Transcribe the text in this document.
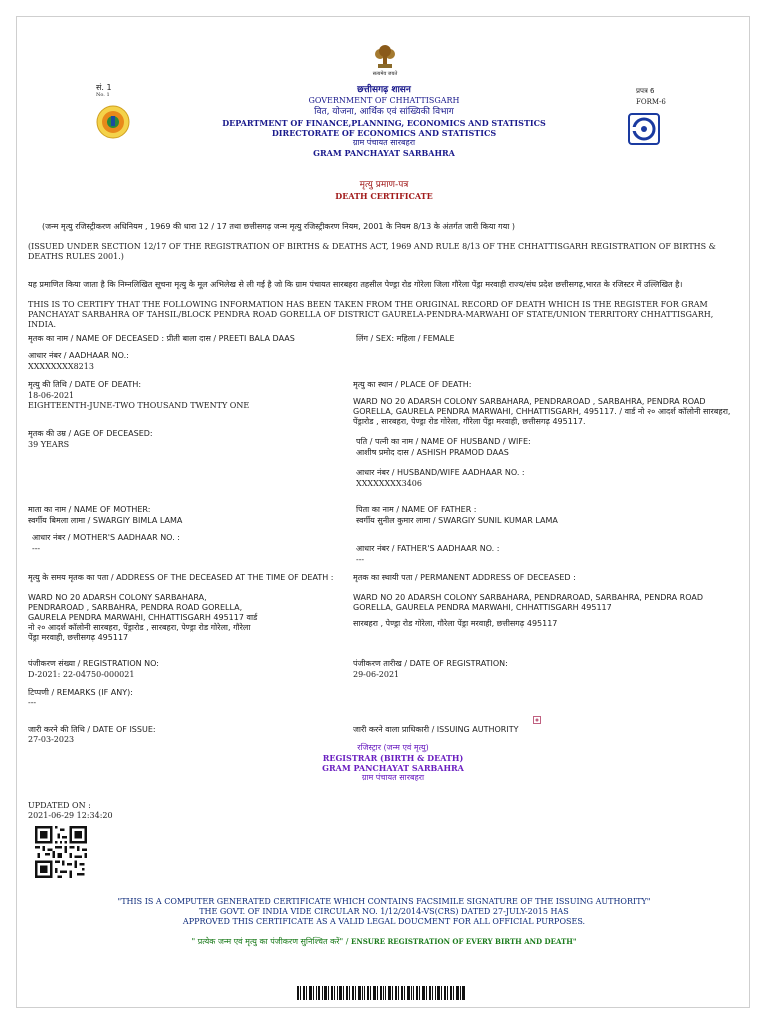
सत्यमेव जयते
सं. 1
No. 1	छत्तीसगढ़ शासन
GOVERNMENT OF CHHATTISGARH
वित, योजना, आर्थिक एवं सांख्यिकी विभाग
DEPARTMENT OF FINANCE,PLANNING, ECONOMICS AND STATISTICS
DIRECTORATE OF ECONOMICS AND STATISTICS
ग्राम पंचायत सारबहरा
GRAM PANCHAYAT SARBAHRA
प्रपत्र 6
FORM-6
मृत्यु प्रमाण-पत्र
DEATH CERTIFICATE
(जन्म मृत्यु रजिस्ट्रीकरण अधिनियम , 1969 की धारा 12 / 17 तथा छत्तीसगढ़ जन्म मृत्यु रजिस्ट्रीकरण नियम, 2001 के नियम 8/13 के अंतर्गत जारी किया गया )
(ISSUED UNDER SECTION 12/17 OF THE REGISTRATION OF BIRTHS & DEATHS ACT, 1969 AND RULE 8/13 OF THE CHHATTISGARH REGISTRATION OF BIRTHS & DEATHS RULES 2001.)
यह प्रमाणित किया जाता है कि निम्नलिखित सूचना मृत्यु के मूल अभिलेख से ली गई है जो कि ग्राम पंचायत सारबहरा तहसील पेण्ड्रा रोड गोरेला जिला गौरेला पेंड्रा मरवाही राज्य/संघ प्रदेश छत्तीसगढ़,भारत के रजिस्टर में उल्लिखित है।
THIS IS TO CERTIFY THAT THE FOLLOWING INFORMATION HAS BEEN TAKEN FROM THE ORIGINAL RECORD OF DEATH WHICH IS THE REGISTER FOR GRAM PANCHAYAT SARBAHRA OF TAHSIL/BLOCK PENDRA ROAD GORELLA OF DISTRICT GAURELA-PENDRA-MARWAHI OF STATE/UNION TERRITORY CHHATTISGARH, INDIA.
मृतक का नाम / NAME OF DECEASED : प्रीती बाला दास / PREETI BALA DAAS	लिंग / SEX: महिला / FEMALE
आधार नंबर / AADHAAR NO.:
XXXXXXXX8213
मृत्यु की तिथि / DATE OF DEATH:
18-06-2021
EIGHTEENTH-JUNE-TWO THOUSAND TWENTY ONE
मृत्यु का स्थान / PLACE OF DEATH:
WARD NO 20 ADARSH COLONY SARBAHARA, PENDRAROAD , SARBAHRA, PENDRA ROAD GORELLA, GAURELA PENDRA MARWAHI, CHHATTISGARH, 495117. / वार्ड नो २० आदर्श कॉलोनी सारबहरा, पेंड्रारोड , सारबहरा, पेण्ड्रा रोड गोरेला, गौरेला पेंड्रा मरवाही, छत्तीसगढ़ 495117.
मृतक की उम्र / AGE OF DECEASED:
39 YEARS	पति / पत्नी का नाम / NAME OF HUSBAND / WIFE:
आशीष प्रमोद दास / ASHISH PRAMOD DAAS
आधार नंबर / HUSBAND/WIFE AADHAAR NO. :
XXXXXXXX3406
माता का नाम / NAME OF MOTHER:
स्वर्गीय बिमला लामा / SWARGIY BIMLA LAMA
पिता का नाम / NAME OF FATHER :
स्वर्गीय सुनील कुमार लामा / SWARGIY SUNIL KUMAR LAMA
आधार नंबर / MOTHER'S AADHAAR NO. :
---	आधार नंबर / FATHER'S AADHAAR NO. :
---
मृत्यु के समय मृतक का पता / ADDRESS OF THE DECEASED AT THE TIME OF DEATH :
WARD NO 20 ADARSH COLONY SARBAHARA, PENDRAROAD , SARBAHRA, PENDRA ROAD GORELLA, GAURELA PENDRA MARWAHI, CHHATTISGARH 495117 वार्ड नो २० आदर्श कॉलोनी सारबहरा, पेंड्रारोड , सारबहरा, पेण्ड्रा रोड गोरेला, गौरेला पेंड्रा मरवाही, छत्तीसगढ़ 495117
मृतक का स्थायी पता / PERMANENT ADDRESS OF DECEASED :
WARD NO 20 ADARSH COLONY SARBAHARA, PENDRAROAD, SARBAHRA, PENDRA ROAD GORELLA, GAURELA PENDRA MARWAHI, CHHATTISGARH 495117
सारबहरा , पेण्ड्रा रोड गोरेला, गौरेला पेंड्रा मरवाही, छत्तीसगढ़ 495117
पंजीकरण संख्या / REGISTRATION NO:
D-2021: 22-04750-000021
पंजीकरण तारीख / DATE OF REGISTRATION:
29-06-2021
टिप्पणी / REMARKS (IF ANY):
---
जारी करने की तिथि / DATE OF ISSUE:
27-03-2023
जारी करने वाला प्राधिकारी / ISSUING AUTHORITY
रजिस्ट्रार (जन्म एवं मृत्यु)
REGISTRAR (BIRTH & DEATH)
GRAM PANCHAYAT SARBAHRA
ग्राम पंचायत सारबहरा
UPDATED ON :
2021-06-29 12:34:20
"THIS IS A COMPUTER GENERATED CERTIFICATE WHICH CONTAINS FACSIMILE SIGNATURE OF THE ISSUING AUTHORITY"
THE GOVT. OF INDIA VIDE CIRCULAR NO. 1/12/2014-VS(CRS) DATED 27-JULY-2015 HAS
APPROVED THIS CERTIFICATE AS A VALID LEGAL DOUCMENT FOR ALL OFFICIAL PURPOSES.
" प्रत्येक जन्म एवं मृत्यु का पंजीकरण सुनिश्चित करें" / ENSURE REGISTRATION OF EVERY BIRTH AND DEATH"
